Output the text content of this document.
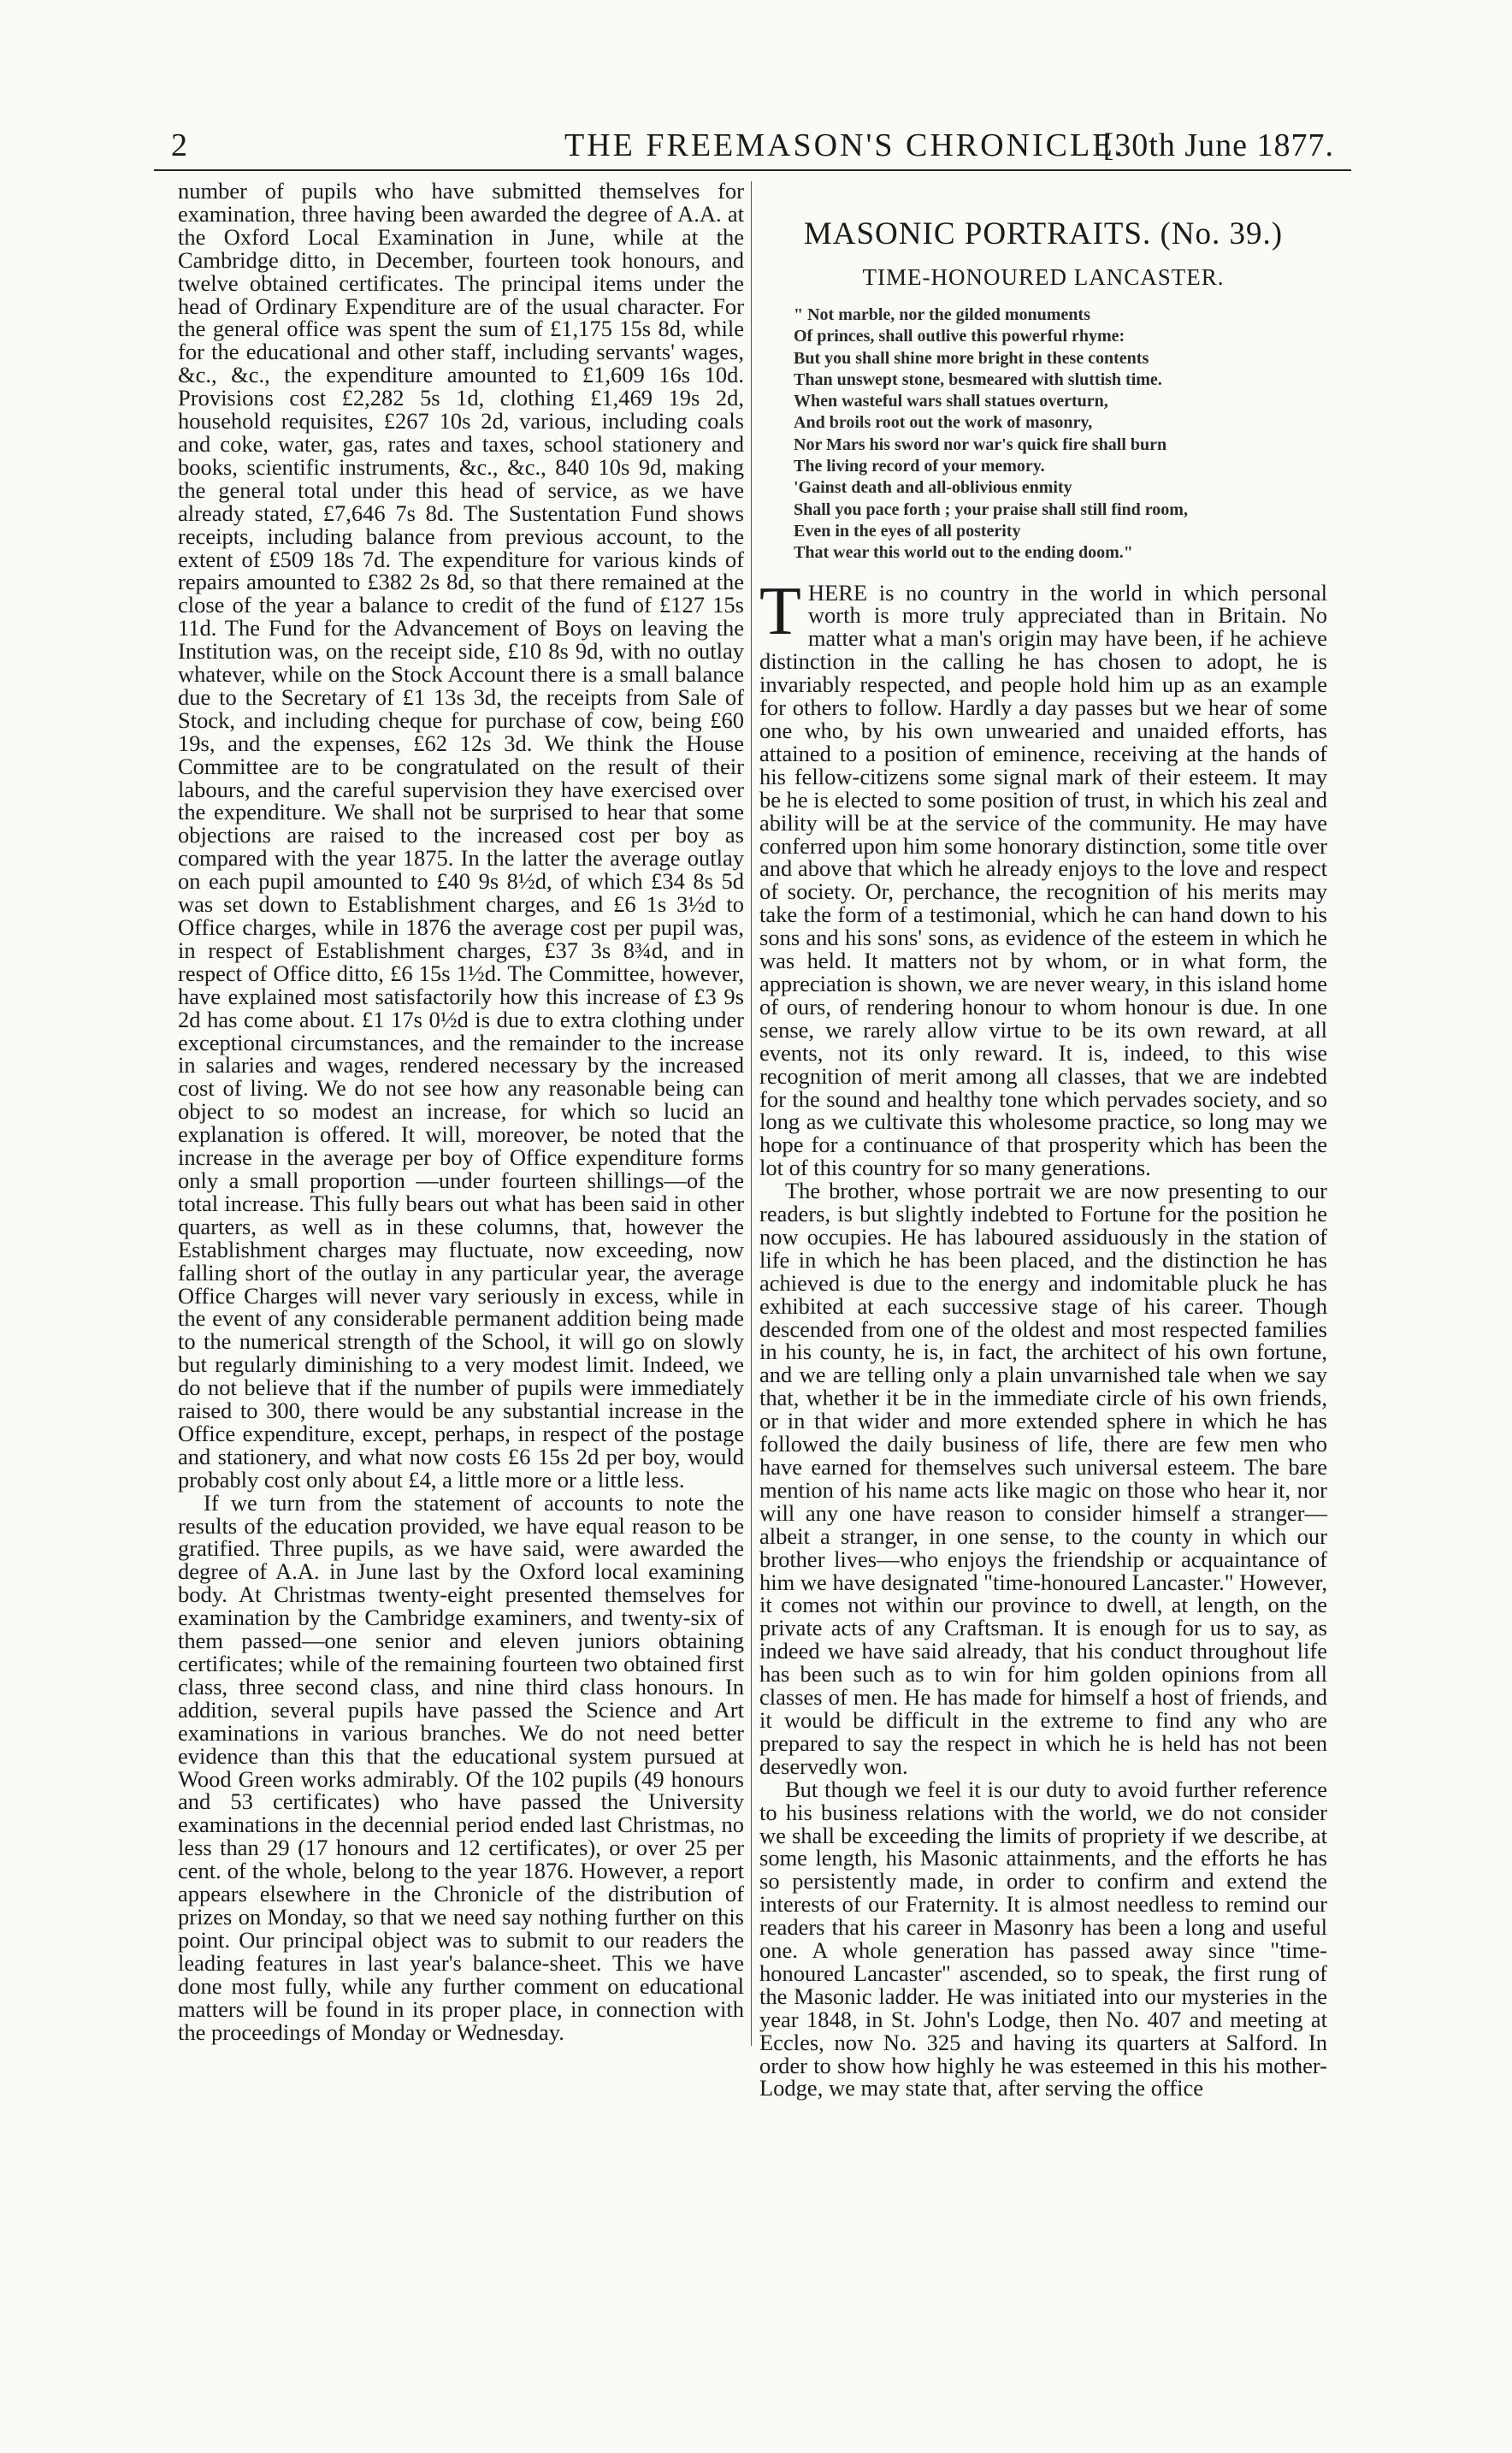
2	THE FREEMASON'S CHRONICLE.
[30th June 1877.

number of pupils who have submitted themselves for examination, three having been awarded the degree of A.A. at the Oxford Local Examination in June, while at the Cambridge ditto, in December, fourteen took honours, and twelve obtained certificates. The principal items under the head of Ordinary Expenditure are of the usual character. For the general office was spent the sum of £1,175 15s 8d, while for the educational and other staff, including servants' wages, &c., &c., the expenditure amounted to £1,609 16s 10d. Provisions cost £2,282 5s 1d, clothing £1,469 19s 2d, household requisites, £267 10s 2d, various, including coals and coke, water, gas, rates and taxes, school stationery and books, scientific instruments, &c., &c., 840 10s 9d, making the general total under this head of service, as we have already stated, £7,646 7s 8d. The Sustentation Fund shows receipts, including balance from previous account, to the extent of £509 18s 7d. The expenditure for various kinds of repairs amounted to £382 2s 8d, so that there remained at the close of the year a balance to credit of the fund of £127 15s 11d. The Fund for the Advancement of Boys on leaving the Institution was, on the receipt side, £10 8s 9d, with no outlay whatever, while on the Stock Account there is a small balance due to the Secretary of £1 13s 3d, the receipts from Sale of Stock, and including cheque for purchase of cow, being £60 19s, and the expenses, £62 12s 3d. We think the House Committee are to be congratulated on the result of their labours, and the careful supervision they have exercised over the expenditure. We shall not be surprised to hear that some objections are raised to the increased cost per boy as compared with the year 1875. In the latter the average outlay on each pupil amounted to £40 9s 8½d, of which £34 8s 5d was set down to Establishment charges, and £6 1s 3½d to Office charges, while in 1876 the average cost per pupil was, in respect of Establishment charges, £37 3s 8¾d, and in respect of Office ditto, £6 15s 1½d. The Committee, however, have explained most satisfactorily how this increase of £3 9s 2d has come about. £1 17s 0½d is due to extra clothing under exceptional circumstances, and the remainder to the increase in salaries and wages, rendered necessary by the increased cost of living. We do not see how any reasonable being can object to so modest an increase, for which so lucid an explanation is offered. It will, moreover, be noted that the increase in the average per boy of Office expenditure forms only a small proportion —under fourteen shillings—of the total increase. This fully bears out what has been said in other quarters, as well as in these columns, that, however the Establishment charges may fluctuate, now exceeding, now falling short of the outlay in any particular year, the average Office Charges will never vary seriously in excess, while in the event of any considerable permanent addition being made to the numerical strength of the School, it will go on slowly but regularly diminishing to a very modest limit. Indeed, we do not believe that if the number of pupils were immediately raised to 300, there would be any substantial increase in the Office expenditure, except, perhaps, in respect of the postage and stationery, and what now costs £6 15s 2d per boy, would probably cost only about £4, a little more or a little less.

If we turn from the statement of accounts to note the results of the education provided, we have equal reason to be gratified. Three pupils, as we have said, were awarded the degree of A.A. in June last by the Oxford local examining body. At Christmas twenty-eight presented themselves for examination by the Cambridge examiners, and twenty-six of them passed—one senior and eleven juniors obtaining certificates; while of the remaining fourteen two obtained first class, three second class, and nine third class honours. In addition, several pupils have passed the Science and Art examinations in various branches. We do not need better evidence than this that the educational system pursued at Wood Green works admirably. Of the 102 pupils (49 honours and 53 certificates) who have passed the University examinations in the decennial period ended last Christmas, no less than 29 (17 honours and 12 certificates), or over 25 per cent. of the whole, belong to the year 1876. However, a report appears elsewhere in the Chronicle of the distribution of prizes on Monday, so that we need say nothing further on this point. Our principal object was to submit to our readers the leading features in last year's balance-sheet. This we have done most fully, while any further comment on educational matters will be found in its proper place, in connection with the proceedings of Monday or Wednesday.

MASONIC PORTRAITS. (No. 39.)
TIME-HONOURED LANCASTER.
" Not marble, nor the gilded monuments
Of princes, shall outlive this powerful rhyme:
But you shall shine more bright in these contents
Than unswept stone, besmeared with sluttish time.
When wasteful wars shall statues overturn,
And broils root out the work of masonry,
Nor Mars his sword nor war's quick fire shall burn
The living record of your memory.
'Gainst death and all-oblivious enmity
Shall you pace forth ; your praise shall still find room,
Even in the eyes of all posterity
That wear this world out to the ending doom."

THERE is no country in the world in which personal worth is more truly appreciated than in Britain. No matter what a man's origin may have been, if he achieve distinction in the calling he has chosen to adopt, he is invariably respected, and people hold him up as an example for others to follow. Hardly a day passes but we hear of some one who, by his own unwearied and unaided efforts, has attained to a position of eminence, receiving at the hands of his fellow-citizens some signal mark of their esteem. It may be he is elected to some position of trust, in which his zeal and ability will be at the service of the community. He may have conferred upon him some honorary distinction, some title over and above that which he already enjoys to the love and respect of society. Or, perchance, the recognition of his merits may take the form of a testimonial, which he can hand down to his sons and his sons' sons, as evidence of the esteem in which he was held. It matters not by whom, or in what form, the appreciation is shown, we are never weary, in this island home of ours, of rendering honour to whom honour is due. In one sense, we rarely allow virtue to be its own reward, at all events, not its only reward. It is, indeed, to this wise recognition of merit among all classes, that we are indebted for the sound and healthy tone which pervades society, and so long as we cultivate this wholesome practice, so long may we hope for a continuance of that prosperity which has been the lot of this country for so many generations.

The brother, whose portrait we are now presenting to our readers, is but slightly indebted to Fortune for the position he now occupies. He has laboured assiduously in the station of life in which he has been placed, and the distinction he has achieved is due to the energy and indomitable pluck he has exhibited at each successive stage of his career. Though descended from one of the oldest and most respected families in his county, he is, in fact, the architect of his own fortune, and we are telling only a plain unvarnished tale when we say that, whether it be in the immediate circle of his own friends, or in that wider and more extended sphere in which he has followed the daily business of life, there are few men who have earned for themselves such universal esteem. The bare mention of his name acts like magic on those who hear it, nor will any one have reason to consider himself a stranger—albeit a stranger, in one sense, to the county in which our brother lives—who enjoys the friendship or acquaintance of him we have designated "time-honoured Lancaster." However, it comes not within our province to dwell, at length, on the private acts of any Craftsman. It is enough for us to say, as indeed we have said already, that his conduct throughout life has been such as to win for him golden opinions from all classes of men. He has made for himself a host of friends, and it would be difficult in the extreme to find any who are prepared to say the respect in which he is held has not been deservedly won.

But though we feel it is our duty to avoid further reference to his business relations with the world, we do not consider we shall be exceeding the limits of propriety if we describe, at some length, his Masonic attainments, and the efforts he has so persistently made, in order to confirm and extend the interests of our Fraternity. It is almost needless to remind our readers that his career in Masonry has been a long and useful one. A whole generation has passed away since "time-honoured Lancaster" ascended, so to speak, the first rung of the Masonic ladder. He was initiated into our mysteries in the year 1848, in St. John's Lodge, then No. 407 and meeting at Eccles, now No. 325 and having its quarters at Salford. In order to show how highly he was esteemed in this his mother-Lodge, we may state that, after serving the office
